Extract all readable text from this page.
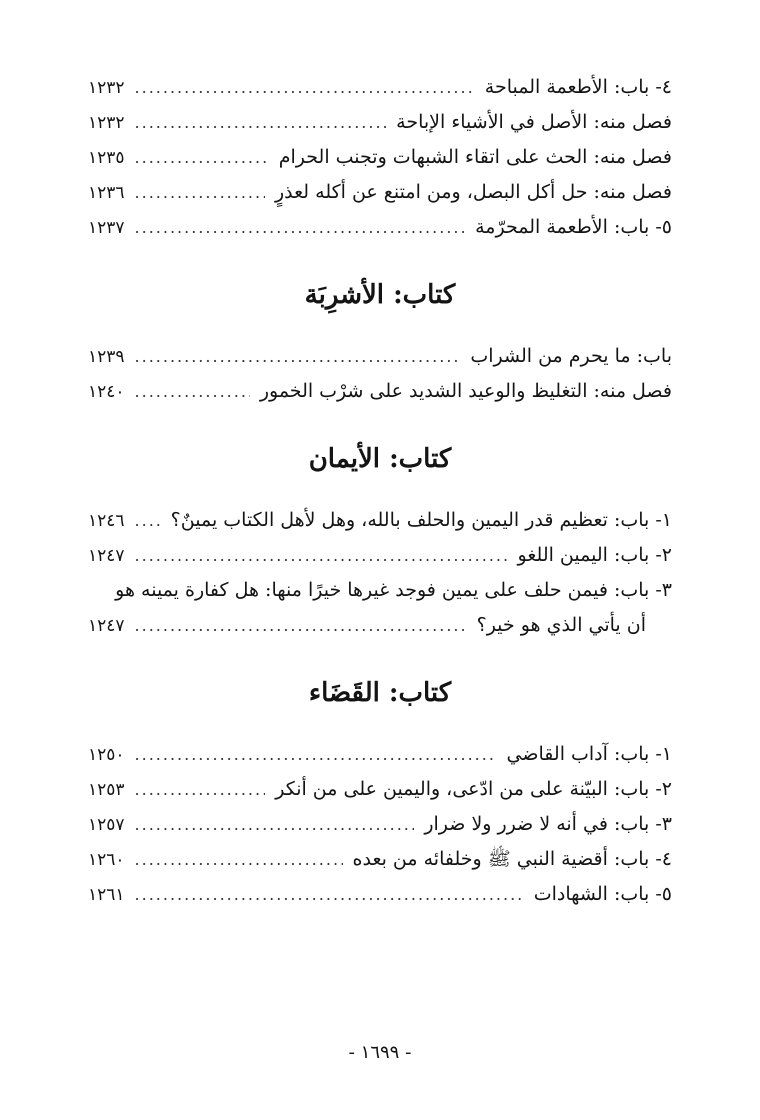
٤- باب: الأطعمة المباحة
.....
١٢٣٢
فصل منه: الأصل في الأشياء الإباحة
.....
١٢٣٢
فصل منه: الحث على اتقاء الشبهات وتجنب الحرام
.....
١٢٣٥
فصل منه: حل أكل البصل، ومن امتنع عن أكله لعذرٍ
.....
١٢٣٦
٥- باب: الأطعمة المحرّمة
.....
١٢٣٧
كتاب: الأشرِبَة
باب: ما يحرم من الشراب
.....
١٢٣٩
فصل منه: التغليظ والوعيد الشديد على شرْب الخمور
.....
١٢٤٠
كتاب: الأيمان
١- باب: تعظيم قدر اليمين والحلف بالله، وهل لأهل الكتاب يمينٌ؟
.....
١٢٤٦
٢- باب: اليمين اللغو
.....
١٢٤٧
٣- باب: فيمن حلف على يمين فوجد غيرها خيرًا منها: هل كفارة يمينه هو
أن يأتي الذي هو خير؟
.....
١٢٤٧
كتاب: القَضَاء
١- باب: آداب القاضي
.....
١٢٥٠
٢- باب: البيّنة على من ادّعى، واليمين على من أنكر
.....
١٢٥٣
٣- باب: في أنه لا ضرر ولا ضرار
.....
١٢٥٧
٤- باب: أقضية النبي ﷺ وخلفائه من بعده
.....
١٢٦٠
٥- باب: الشهادات
.....
١٢٦١
- ١٦٩٩ -
